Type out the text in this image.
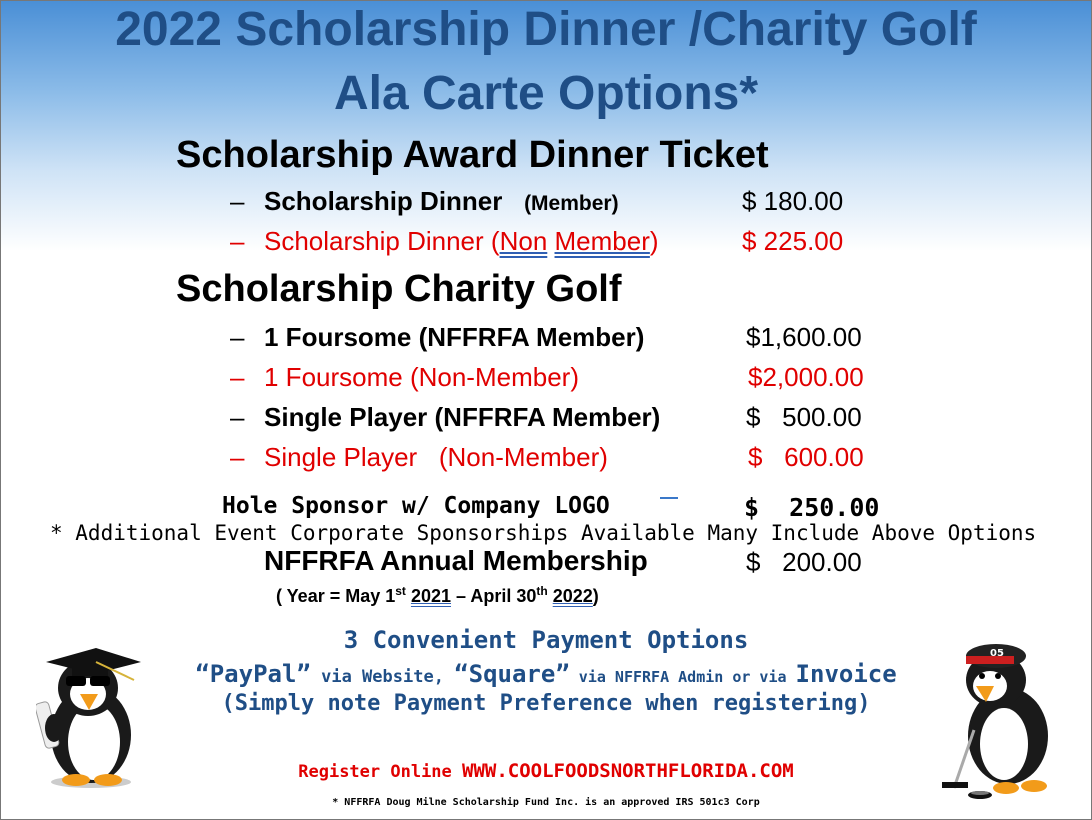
2022 Scholarship Dinner /Charity Golf
Ala Carte Options*
Scholarship Award Dinner Ticket
– Scholarship Dinner (Member)	$ 180.00
– Scholarship Dinner (Non Member)	$ 225.00
Scholarship Charity Golf
– 1 Foursome (NFFRFA Member)	$1,600.00
– 1 Foursome (Non-Member)	$2,000.00
– Single Player (NFFRFA Member)	$   500.00
– Single Player   (Non-Member)	$   600.00
Hole Sponsor w/ Company LOGO	$  250.00
* Additional Event Corporate Sponsorships Available Many Include Above Options
NFFRFA Annual Membership	$   200.00
( Year = May 1st 2021 – April 30th 2022)
3 Convenient Payment Options
“PayPal” via Website, “Square” via NFFRFA Admin or via Invoice
(Simply note Payment Preference when registering)
Register Online WWW.COOLFOODSNORTHFLORIDA.COM
* NFFRFA Doug Milne Scholarship Fund Inc. is an approved IRS 501c3 Corp
05
